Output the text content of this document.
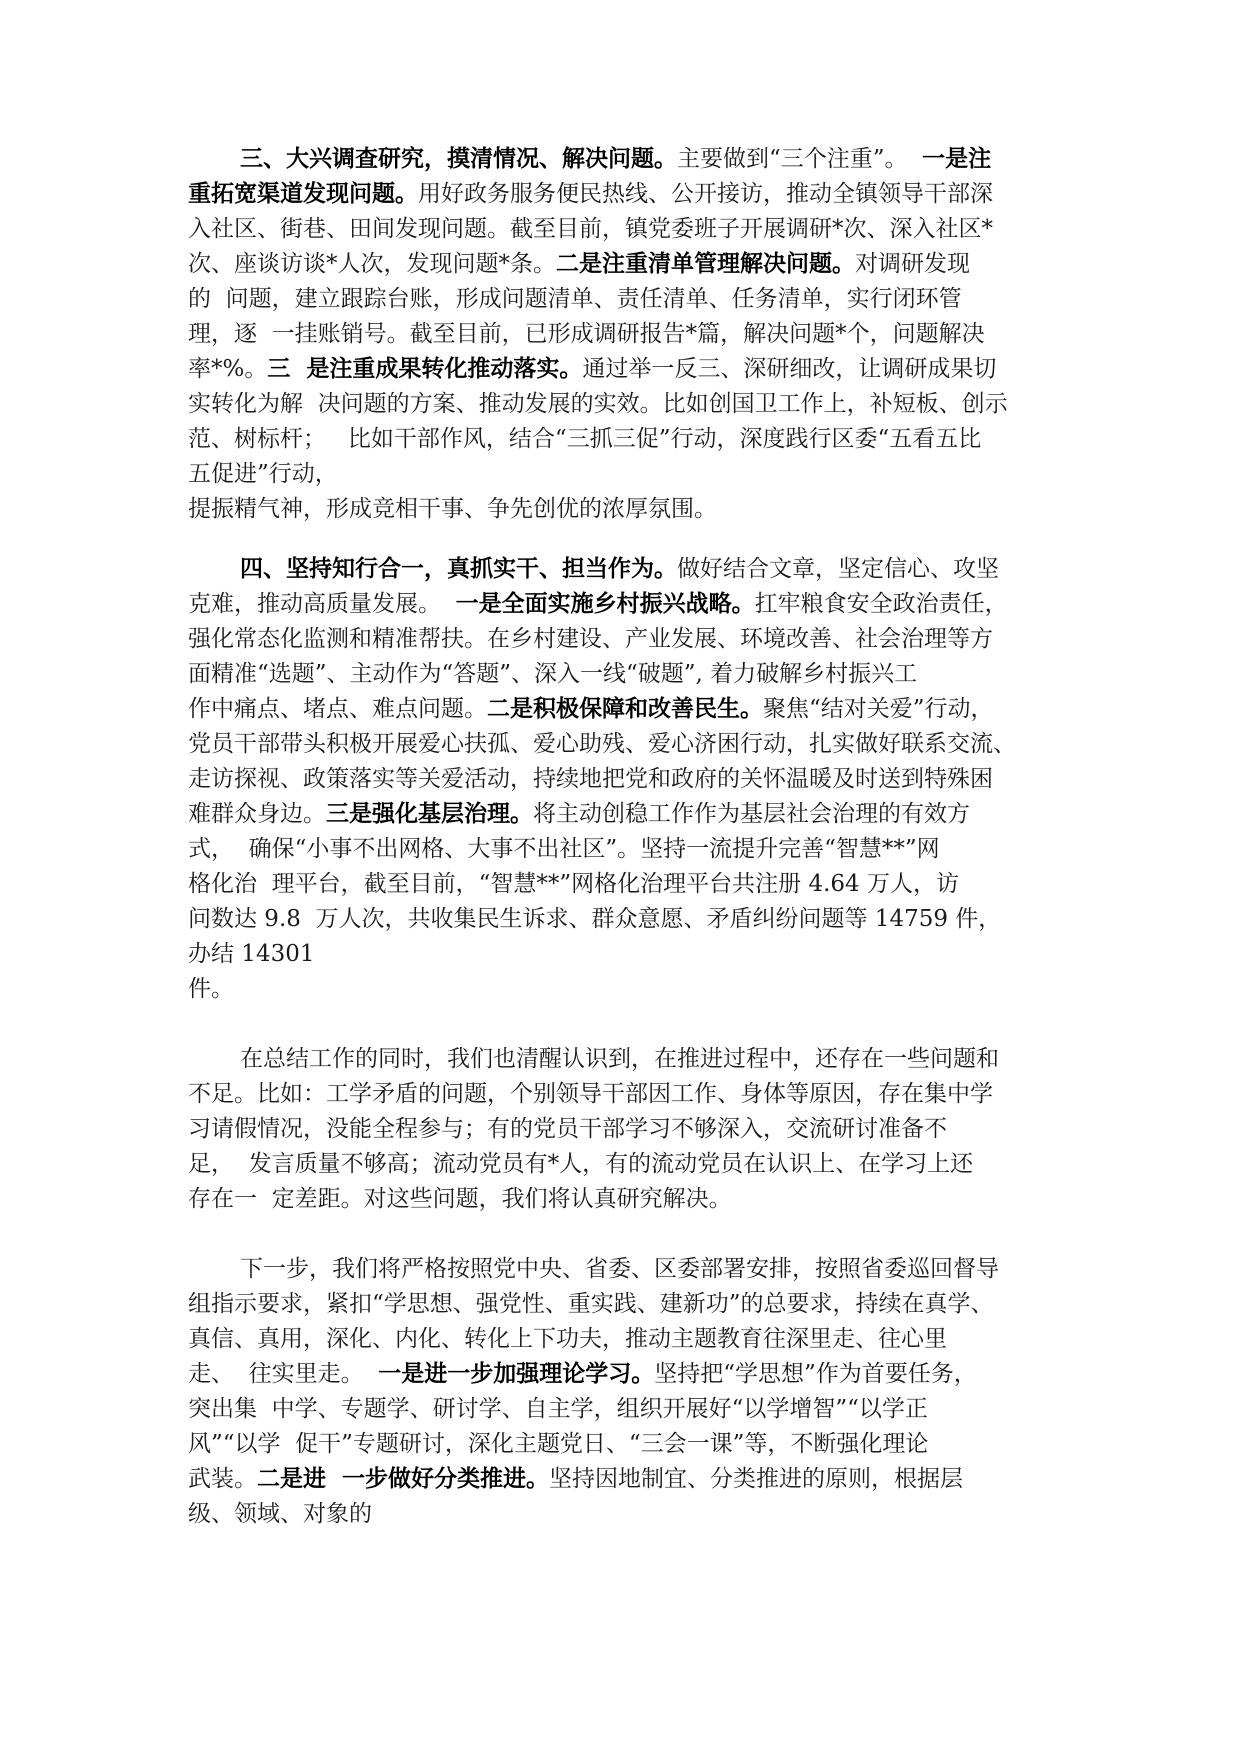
三、大兴调查研究，摸清情况、解决问题。主要做到“三个注重”。  一是注

重拓宽渠道发现问题。用好政务服务便民热线、公开接访，推动全镇领导干部深

入社区、街巷、田间发现问题。截至目前，镇党委班子开展调研*次、深入社区*

次、座谈访谈*人次，发现问题*条。二是注重清单管理解决问题。对调研发现

的  问题，建立跟踪台账，形成问题清单、责任清单、任务清单，实行闭环管

理，逐  一挂账销号。截至目前，已形成调研报告*篇，解决问题*个，问题解决

率*%。三  是注重成果转化推动落实。通过举一反三、深研细改，让调研成果切

实转化为解  决问题的方案、推动发展的实效。比如创国卫工作上，补短板、创示

范、树标杆；   比如干部作风，结合“三抓三促”行动，深度践行区委“五看五比

五促进”行动，

提振精气神，形成竞相干事、争先创优的浓厚氛围。

四、坚持知行合一，真抓实干、担当作为。做好结合文章，坚定信心、攻坚

克难，推动高质量发展。  一是全面实施乡村振兴战略。扛牢粮食安全政治责任，

强化常态化监测和精准帮扶。在乡村建设、产业发展、环境改善、社会治理等方

面精准“选题”、主动作为“答题”、深入一线“破题”, 着力破解乡村振兴工

作中痛点、堵点、难点问题。二是积极保障和改善民生。聚焦“结对关爱”行动，

党员干部带头积极开展爱心扶孤、爱心助残、爱心济困行动，扎实做好联系交流、

走访探视、政策落实等关爱活动，持续地把党和政府的关怀温暖及时送到特殊困

难群众身边。三是强化基层治理。将主动创稳工作作为基层社会治理的有效方

式，  确保“小事不出网格、大事不出社区”。坚持一流提升完善“智慧**”网

格化治  理平台，截至目前，“智慧**”网格化治理平台共注册 4.64 万人，访

问数达 9.8  万人次，共收集民生诉求、群众意愿、矛盾纠纷问题等 14759 件，

办结 14301

件。

在总结工作的同时，我们也清醒认识到，在推进过程中，还存在一些问题和

不足。比如：工学矛盾的问题，个别领导干部因工作、身体等原因，存在集中学

习请假情况，没能全程参与；有的党员干部学习不够深入，交流研讨准备不

足，  发言质量不够高；流动党员有*人，有的流动党员在认识上、在学习上还

存在一  定差距。对这些问题，我们将认真研究解决。

下一步，我们将严格按照党中央、省委、区委部署安排，按照省委巡回督导

组指示要求，紧扣“学思想、强党性、重实践、建新功”的总要求，持续在真学、

真信、真用，深化、内化、转化上下功夫，推动主题教育往深里走、往心里

走、  往实里走。  一是进一步加强理论学习。坚持把“学思想”作为首要任务，

突出集  中学、专题学、研讨学、自主学，组织开展好“以学增智”“以学正

风”“以学  促干”专题研讨，深化主题党日、“三会一课”等，不断强化理论

武装。二是进  一步做好分类推进。坚持因地制宜、分类推进的原则，根据层

级、领域、对象的
